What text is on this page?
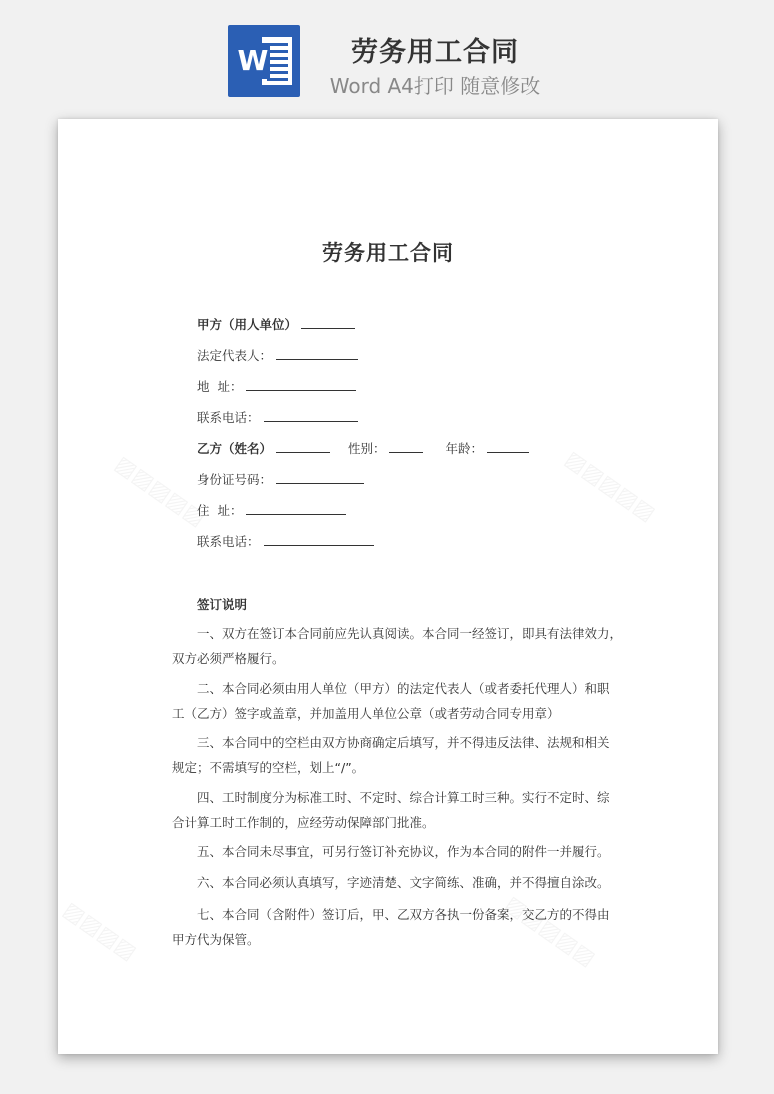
W	劳务用工合同
Word A4打印 随意修改
劳务用工合同
甲方（用人单位）
法定代表人：
地  址：
联系电话：
乙方（姓名）	性别：	年龄：
身份证号码：
住  址：
联系电话：
签订说明
一、双方在签订本合同前应先认真阅读。本合同一经签订，即具有法律效力，
双方必须严格履行。
二、本合同必须由用人单位（甲方）的法定代表人（或者委托代理人）和职
工（乙方）签字或盖章，并加盖用人单位公章（或者劳动合同专用章）
三、本合同中的空栏由双方协商确定后填写，并不得违反法律、法规和相关
规定；不需填写的空栏，划上“/”。
四、工时制度分为标准工时、不定时、综合计算工时三种。实行不定时、综
合计算工时工作制的，应经劳动保障部门批准。
五、本合同未尽事宜，可另行签订补充协议，作为本合同的附件一并履行。
六、本合同必须认真填写，字迹清楚、文字简练、准确，并不得擅自涂改。
七、本合同（含附件）签订后，甲、乙双方各执一份备案，交乙方的不得由
甲方代为保管。
